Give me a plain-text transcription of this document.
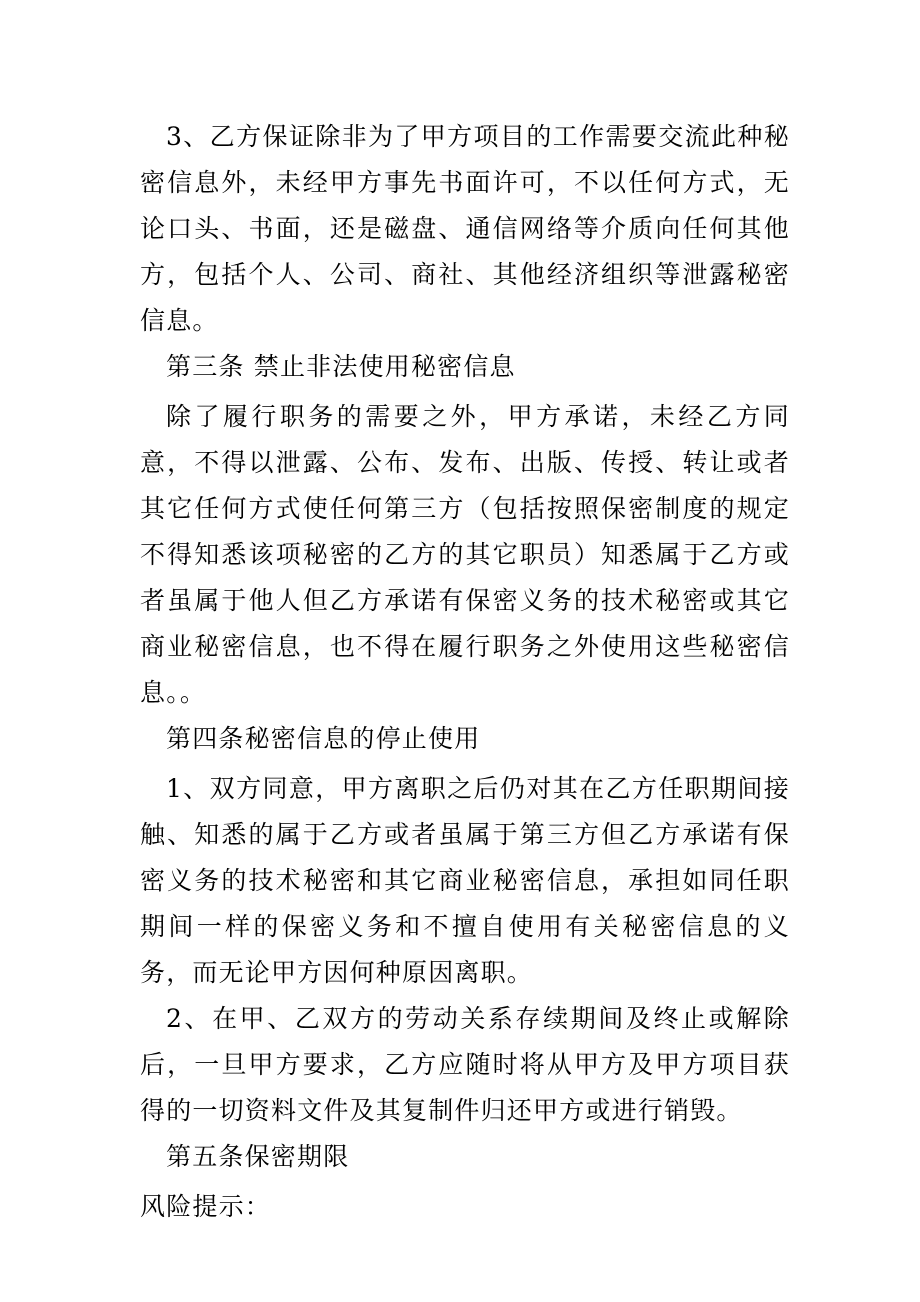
3、乙方保证除非为了甲方项目的工作需要交流此种秘密信息外，未经甲方事先书面许可，不以任何方式，无论口头、书面，还是磁盘、通信网络等介质向任何其他方，包括个人、公司、商社、其他经济组织等泄露秘密信息。

第三条 禁止非法使用秘密信息

除了履行职务的需要之外，甲方承诺，未经乙方同意，不得以泄露、公布、发布、出版、传授、转让或者其它任何方式使任何第三方（包括按照保密制度的规定不得知悉该项秘密的乙方的其它职员）知悉属于乙方或者虽属于他人但乙方承诺有保密义务的技术秘密或其它商业秘密信息，也不得在履行职务之外使用这些秘密信息。。

第四条秘密信息的停止使用

1、双方同意，甲方离职之后仍对其在乙方任职期间接触、知悉的属于乙方或者虽属于第三方但乙方承诺有保密义务的技术秘密和其它商业秘密信息，承担如同任职期间一样的保密义务和不擅自使用有关秘密信息的义务，而无论甲方因何种原因离职。

2、在甲、乙双方的劳动关系存续期间及终止或解除后，一旦甲方要求，乙方应随时将从甲方及甲方项目获得的一切资料文件及其复制件归还甲方或进行销毁。

第五条保密期限

风险提示：
